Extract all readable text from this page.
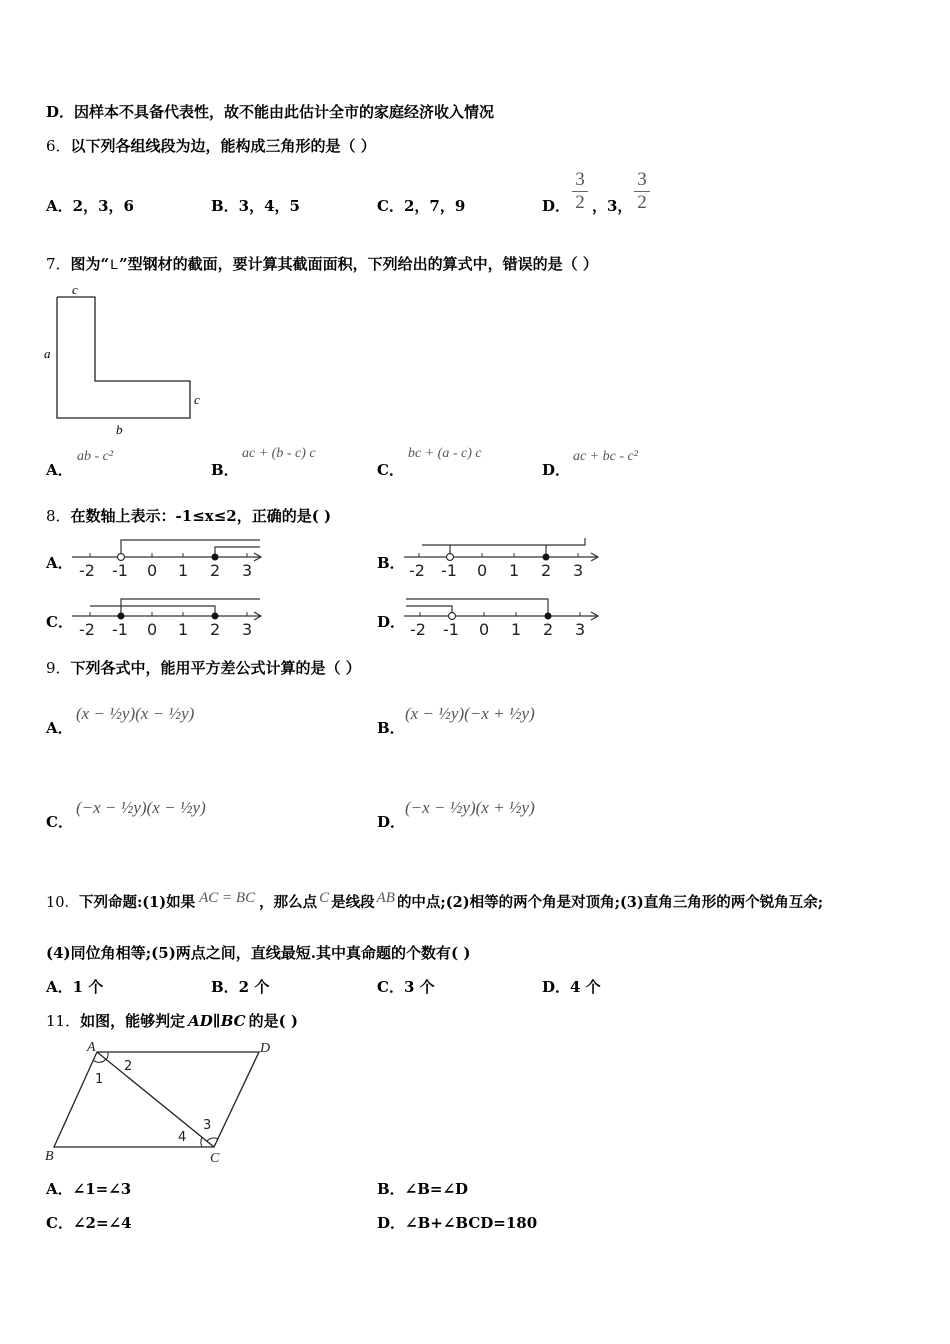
D．因样本不具备代表性，故不能由此估计全市的家庭经济收入情况
6．以下列各组线段为边，能构成三角形的是（ ）
A．2，3，6	B．3，4，5	C．2，7，9	D．
3
2 ，3，
3
2
7．图为“L”型钢材的截面，要计算其截面面积，下列给出的算式中，错误的是（ ）
c
a
c
b
A．
ab - c²
B．
ac + (b - c) c
C．
bc + (a - c) c
D．
ac + bc - c²
8．在数轴上表示：-1≤x≤2，正确的是( )
A．	B．
C．	D．
-2 -1 0 1 2 3	-2 -1 0 1 2 3
-2 -1 0 1 2 3	-2 -1 0 1 2 3
9．下列各式中，能用平方差公式计算的是（ ）
A．
(x − ½y)(x − ½y)
B．
(x − ½y)(−x + ½y)
C．
(−x − ½y)(x − ½y)
D．
(−x − ½y)(x + ½y)
10．下列命题:(1)如果 AC = BC ，那么点 C 是线段 AB 的中点;(2)相等的两个角是对顶角;(3)直角三角形的两个锐角互余;
(4)同位角相等;(5)两点之间，直线最短.其中真命题的个数有( )
A．1 个	B．2 个	C．3 个	D．4 个
11．如图，能够判定 AD∥BC 的是( )
A	D
B	C
1
2
3
4
A．∠1=∠3	B．∠B=∠D
C．∠2=∠4	D．∠B+∠BCD=180
